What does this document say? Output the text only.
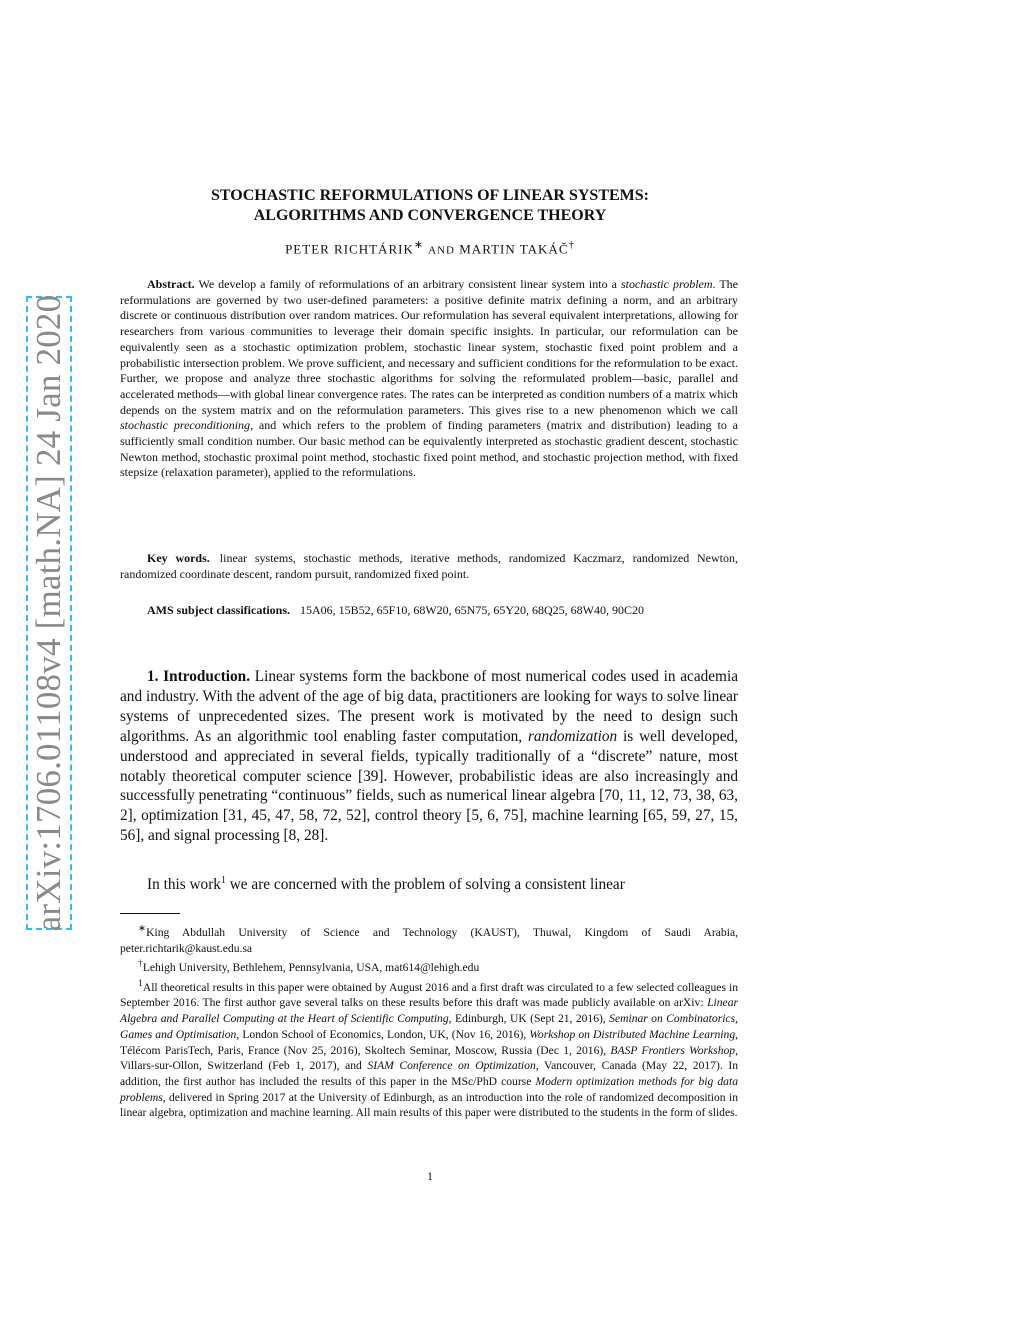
arXiv:1706.01108v4 [math.NA] 24 Jan 2020
STOCHASTIC REFORMULATIONS OF LINEAR SYSTEMS:
ALGORITHMS AND CONVERGENCE THEORY
PETER RICHTÁRIK∗ AND MARTIN TAKÁČ†
Abstract. We develop a family of reformulations of an arbitrary consistent linear system into a stochastic problem. The reformulations are governed by two user-defined parameters: a positive definite matrix defining a norm, and an arbitrary discrete or continuous distribution over random matrices. Our reformulation has several equivalent interpretations, allowing for researchers from various communities to leverage their domain specific insights. In particular, our reformulation can be equivalently seen as a stochastic optimization problem, stochastic linear system, stochastic fixed point problem and a probabilistic intersection problem. We prove sufficient, and necessary and sufficient conditions for the reformulation to be exact. Further, we propose and analyze three stochastic algorithms for solving the reformulated problem—basic, parallel and accelerated methods—with global linear convergence rates. The rates can be interpreted as condition numbers of a matrix which depends on the system matrix and on the reformulation parameters. This gives rise to a new phenomenon which we call stochastic preconditioning, and which refers to the problem of finding parameters (matrix and distribution) leading to a sufficiently small condition number. Our basic method can be equivalently interpreted as stochastic gradient descent, stochastic Newton method, stochastic proximal point method, stochastic fixed point method, and stochastic projection method, with fixed stepsize (relaxation parameter), applied to the reformulations.
Key words. linear systems, stochastic methods, iterative methods, randomized Kaczmarz, randomized Newton, randomized coordinate descent, random pursuit, randomized fixed point.
AMS subject classifications. 15A06, 15B52, 65F10, 68W20, 65N75, 65Y20, 68Q25, 68W40, 90C20
1. Introduction. Linear systems form the backbone of most numerical codes used in academia and industry. With the advent of the age of big data, practitioners are looking for ways to solve linear systems of unprecedented sizes. The present work is motivated by the need to design such algorithms. As an algorithmic tool enabling faster computation, randomization is well developed, understood and appreciated in several fields, typically traditionally of a “discrete” nature, most notably theoretical computer science [39]. However, probabilistic ideas are also increasingly and successfully penetrating “continuous” fields, such as numerical linear algebra [70, 11, 12, 73, 38, 63, 2], optimization [31, 45, 47, 58, 72, 52], control theory [5, 6, 75], machine learning [65, 59, 27, 15, 56], and signal processing [8, 28].
In this work$^1$ we are concerned with the problem of solving a consistent linear

∗King Abdullah University of Science and Technology (KAUST), Thuwal, Kingdom of Saudi Arabia, peter.richtarik@kaust.edu.sa

†Lehigh University, Bethlehem, Pennsylvania, USA, mat614@lehigh.edu

$^1$All theoretical results in this paper were obtained by August 2016 and a first draft was circulated to a few selected colleagues in September 2016. The first author gave several talks on these results before this draft was made publicly available on arXiv: Linear Algebra and Parallel Computing at the Heart of Scientific Computing, Edinburgh, UK (Sept 21, 2016), Seminar on Combinatorics, Games and Optimisation, London School of Economics, London, UK, (Nov 16, 2016), Workshop on Distributed Machine Learning, Télécom ParisTech, Paris, France (Nov 25, 2016), Skoltech Seminar, Moscow, Russia (Dec 1, 2016), BASP Frontiers Workshop, Villars-sur-Ollon, Switzerland (Feb 1, 2017), and SIAM Conference on Optimization, Vancouver, Canada (May 22, 2017). In addition, the first author has included the results of this paper in the MSc/PhD course Modern optimization methods for big data problems, delivered in Spring 2017 at the University of Edinburgh, as an introduction into the role of randomized decomposition in linear algebra, optimization and machine learning. All main results of this paper were distributed to the students in the form of slides.

1
